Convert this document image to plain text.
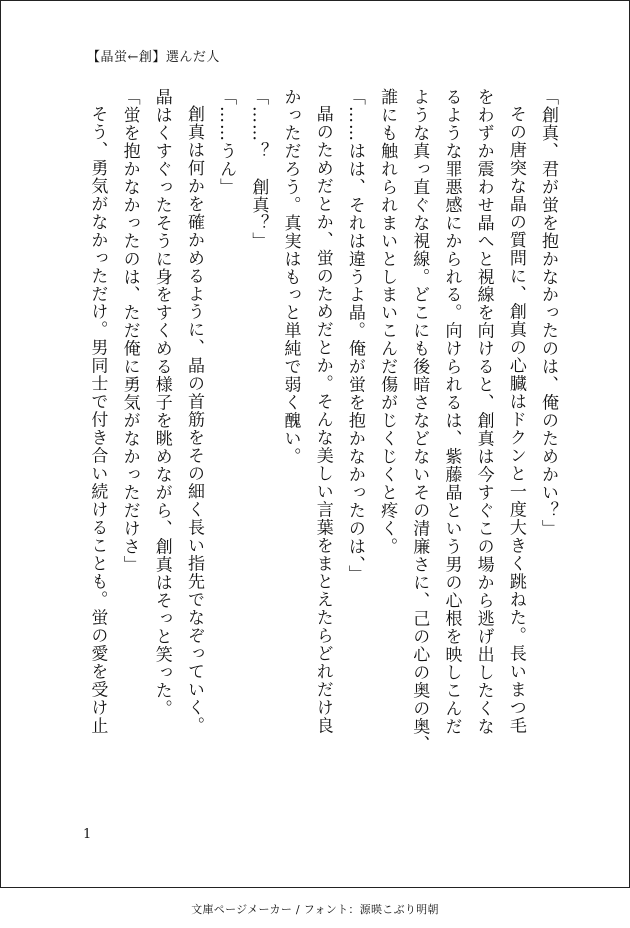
【晶蛍←創】選んだ人
「創真、君が蛍を抱かなかったのは、俺のためかい？」
その唐突な晶の質問に、創真の心臓はドクンと一度大きく跳ねた。長いまつ毛
をわずか震わせ晶へと視線を向けると、創真は今すぐこの場から逃げ出したくな
るような罪悪感にかられる。向けられるは、紫藤晶という男の心根を映しこんだ
ような真っ直ぐな視線。どこにも後暗さなどないその清廉さに、己の心の奥の奥、
誰にも触れられまいとしまいこんだ傷がじくじくと疼く。
「……はは、それは違うよ晶。俺が蛍を抱かなかったのは、」
晶のためだとか、蛍のためだとか。そんな美しい言葉をまとえたらどれだけ良
かっただろう。真実はもっと単純で弱く醜い。
「……？　創真？」
「……うん」
創真は何かを確かめるように、晶の首筋をその細く長い指先でなぞっていく。
晶はくすぐったそうに身をすくめる様子を眺めながら、創真はそっと笑った。
「蛍を抱かなかったのは、ただ俺に勇気がなかっただけさ」
そう、勇気がなかっただけ。男同士で付き合い続けることも。蛍の愛を受け止
1
文庫ページメーカー / フォント：源暎こぶり明朝
